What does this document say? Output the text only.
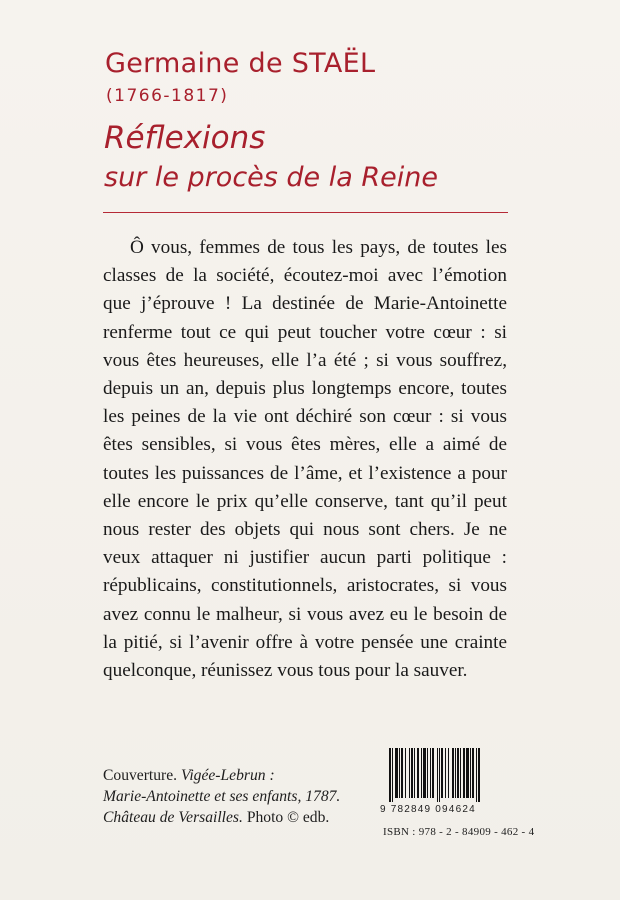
Germaine de STAËL
(1766-1817)
Réflexions
sur le procès de la Reine

Ô vous, femmes de tous les pays, de toutes les classes de la société, écoutez-moi avec l’émotion que j’éprouve ! La destinée de Marie-Antoinette renferme tout ce qui peut toucher votre cœur : si vous êtes heureuses, elle l’a été ; si vous souffrez, depuis un an, depuis plus longtemps encore, toutes les peines de la vie ont déchiré son cœur : si vous êtes sensibles, si vous êtes mères, elle a aimé de toutes les puissances de l’âme, et l’existence a pour elle encore le prix qu’elle conserve, tant qu’il peut nous rester des objets qui nous sont chers. Je ne veux attaquer ni justifier aucun parti politique : républicains, constitutionnels, aristocrates, si vous avez connu le malheur, si vous avez eu le besoin de la pitié, si l’avenir offre à votre pensée une crainte quelconque, réunissez vous tous pour la sauver.

Couverture. Vigée-Lebrun :
Marie-Antoinette et ses enfants, 1787.
Château de Versailles. Photo © edb.	9 782849 094624
ISBN : 978 - 2 - 84909 - 462 - 4
